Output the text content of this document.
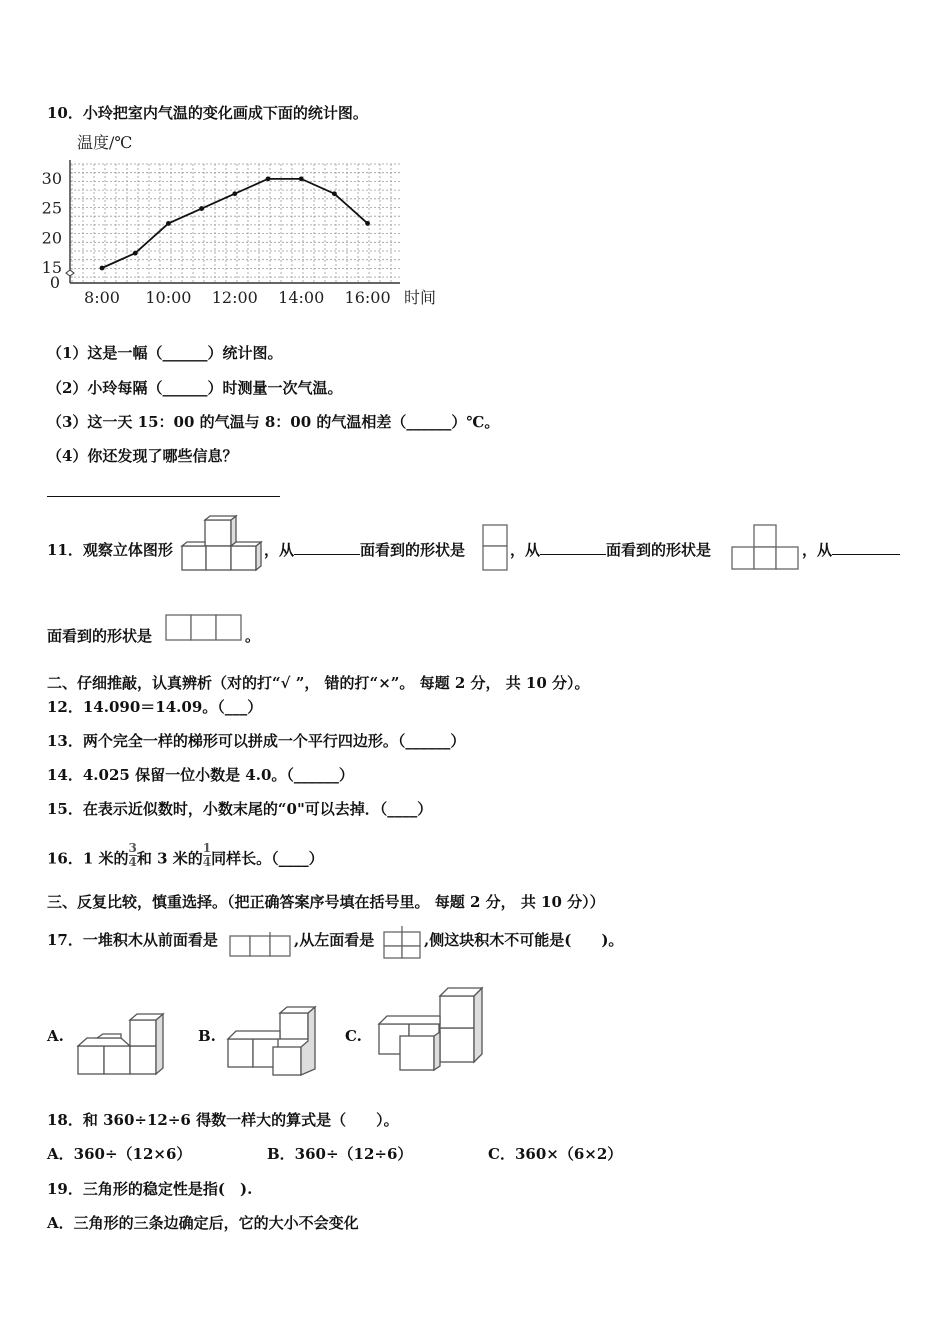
10．小玲把室内气温的变化画成下面的统计图。
温度/℃
0
15
20
25
30
8:00 10:00 12:00 14:00 16:00 时间
（1）这是一幅（______）统计图。
（2）小玲每隔（______）时测量一次气温。
（3）这一天 15：00 的气温与 8：00 的气温相差（______）℃。
（4）你还发现了哪些信息？
11．观察立体图形	，从	面看到的形状是	，从	面看到的形状是	，从
面看到的形状是	。
二、仔细推敲，认真辨析（对的打“√ ”， 错的打“×”。 每题 2 分， 共 10 分）。
12．14.090＝14.09。（___）
13．两个完全一样的梯形可以拼成一个平行四边形。（______）
14．4.025 保留一位小数是 4.0。（______）
15．在表示近似数时，小数末尾的“0"可以去掉．（____）
16．1 米的 $\frac{3}{4}$ 和 3 米的 $\frac{1}{4}$ 同样长。（____）
三、反复比较，慎重选择。（把正确答案序号填在括号里。 每题 2 分， 共 10 分））
17．一堆积木从前面看是	,从左面看是	,侧这块积木不可能是(　　)。
A.	B.	C.
18．和 360÷12÷6 得数一样大的算式是（　　）。
A．360÷（12×6）	B．360÷（12÷6）	C．360×（6×2）
19．三角形的稳定性是指(　).
A．三角形的三条边确定后，它的大小不会变化
